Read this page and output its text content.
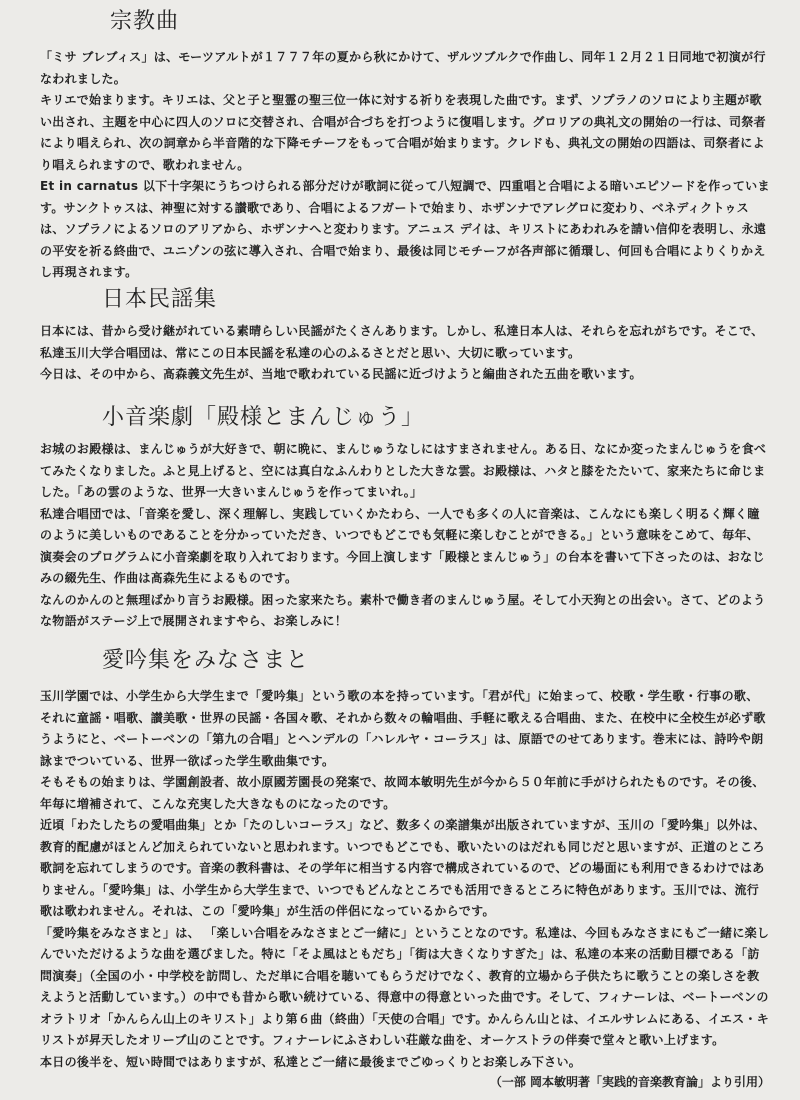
宗教曲

「ミサ ブレブィス」は、モーツアルトが１７７７年の夏から秋にかけて、ザルツブルクで作曲し、同年１２月２１日同地で初演が行なわれました。

キリエで始まります。キリエは、父と子と聖霊の聖三位一体に対する祈りを表現した曲です。まず、ソプラノのソロにより主題が歌い出され、主題を中心に四人のソロに交替され、合唱が合づちを打つように復唱します。グロリアの典礼文の開始の一行は、司祭者により唱えられ、次の詞章から半音階的な下降モチーフをもって合唱が始まります。クレドも、典礼文の開始の四語は、司祭者により唱えられますので、歌われません。

Et in carnatus 以下十字架にうちつけられる部分だけが歌詞に従って八短調で、四重唱と合唱による暗いエピソードを作っています。サンクトゥスは、神聖に対する讃歌であり、合唱によるフガートで始まり、ホザンナでアレグロに変わり、ベネディクトゥスは、ソプラノによるソロのアリアから、ホザンナへと変わります。アニュス デイは、キリストにあわれみを請い信仰を表明し、永遠の平安を祈る終曲で、ユニゾンの弦に導入され、合唱で始まり、最後は同じモチーフが各声部に循環し、何回も合唱によりくりかえし再現されます。

日本民謡集

日本には、昔から受け継がれている素晴らしい民謡がたくさんあります。しかし、私達日本人は、それらを忘れがちです。そこで、私達玉川大学合唱団は、常にこの日本民謡を私達の心のふるさとだと思い、大切に歌っています。

今日は、その中から、髙森義文先生が、当地で歌われている民謡に近づけようと編曲された五曲を歌います。

小音楽劇「殿様とまんじゅう」

お城のお殿様は、まんじゅうが大好きで、朝に晩に、まんじゅうなしにはすまされません。ある日、なにか変ったまんじゅうを食べてみたくなりました。ふと見上げると、空には真白なふんわりとした大きな雲。お殿様は、ハタと膝をたたいて、家来たちに命じました。「あの雲のような、世界一大きいまんじゅうを作ってまいれ。」

私達合唱団では、「音楽を愛し、深く理解し、実践していくかたわら、一人でも多くの人に音楽は、こんなにも楽しく明るく輝く瞳のように美しいものであることを分かっていただき、いつでもどこでも気軽に楽しむことができる。」という意味をこめて、毎年、演奏会のプログラムに小音楽劇を取り入れております。今回上演します「殿様とまんじゅう」の台本を書いて下さったのは、おなじみの綴先生、作曲は髙森先生によるものです。

なんのかんのと無理ばかり言うお殿様。困った家来たち。素朴で働き者のまんじゅう屋。そして小天狗との出会い。さて、どのような物語がステージ上で展開されますやら、お楽しみに！

愛吟集をみなさまと

玉川学園では、小学生から大学生まで「愛吟集」という歌の本を持っています。「君が代」に始まって、校歌・学生歌・行事の歌、それに童謡・唱歌、讃美歌・世界の民謡・各国々歌、それから数々の輪唱曲、手軽に歌える合唱曲、また、在校中に全校生が必ず歌うようにと、ベートーベンの「第九の合唱」とヘンデルの「ハレルヤ・コーラス」は、原語でのせてあります。巻末には、詩吟や朗詠までついている、世界一欲ばった学生歌曲集です。

そもそもの始まりは、学園創設者、故小原國芳園長の発案で、故岡本敏明先生が今から５０年前に手がけられたものです。その後、年毎に増補されて、こんな充実した大きなものになったのです。

近頃「わたしたちの愛唱曲集」とか「たのしいコーラス」など、数多くの楽譜集が出版されていますが、玉川の「愛吟集」以外は、教育的配慮がほとんど加えられていないと思われます。いつでもどこでも、歌いたいのはだれも同じだと思いますが、正道のところ歌詞を忘れてしまうのです。音楽の教科書は、その学年に相当する内容で構成されているので、どの場面にも利用できるわけではありません。「愛吟集」は、小学生から大学生まで、いつでもどんなところでも活用できるところに特色があります。玉川では、流行歌は歌われません。それは、この「愛吟集」が生活の伴侶になっているからです。

「愛吟集をみなさまと」は、 「楽しい合唱をみなさまとご一緒に」ということなのです。私達は、今回もみなさまにもご一緒に楽しんでいただけるような曲を選びました。特に「そよ風はともだち」「街は大きくなりすぎた」は、私達の本来の活動目標である「訪問演奏」（全国の小・中学校を訪問し、ただ単に合唱を聴いてもらうだけでなく、教育的立場から子供たちに歌うことの楽しさを教えようと活動しています。）の中でも昔から歌い続けている、得意中の得意といった曲です。そして、フィナーレは、ベートーベンのオラトリオ「かんらん山上のキリスト」より第６曲（終曲）「天使の合唱」です。かんらん山とは、イエルサレムにある、イエス・キリストが昇天したオリーブ山のことです。フィナーレにふさわしい荘厳な曲を、オーケストラの伴奏で堂々と歌い上げます。

本日の後半を、短い時間ではありますが、私達とご一緒に最後までごゆっくりとお楽しみ下さい。

（一部 岡本敏明著「実践的音楽教育論」より引用）
